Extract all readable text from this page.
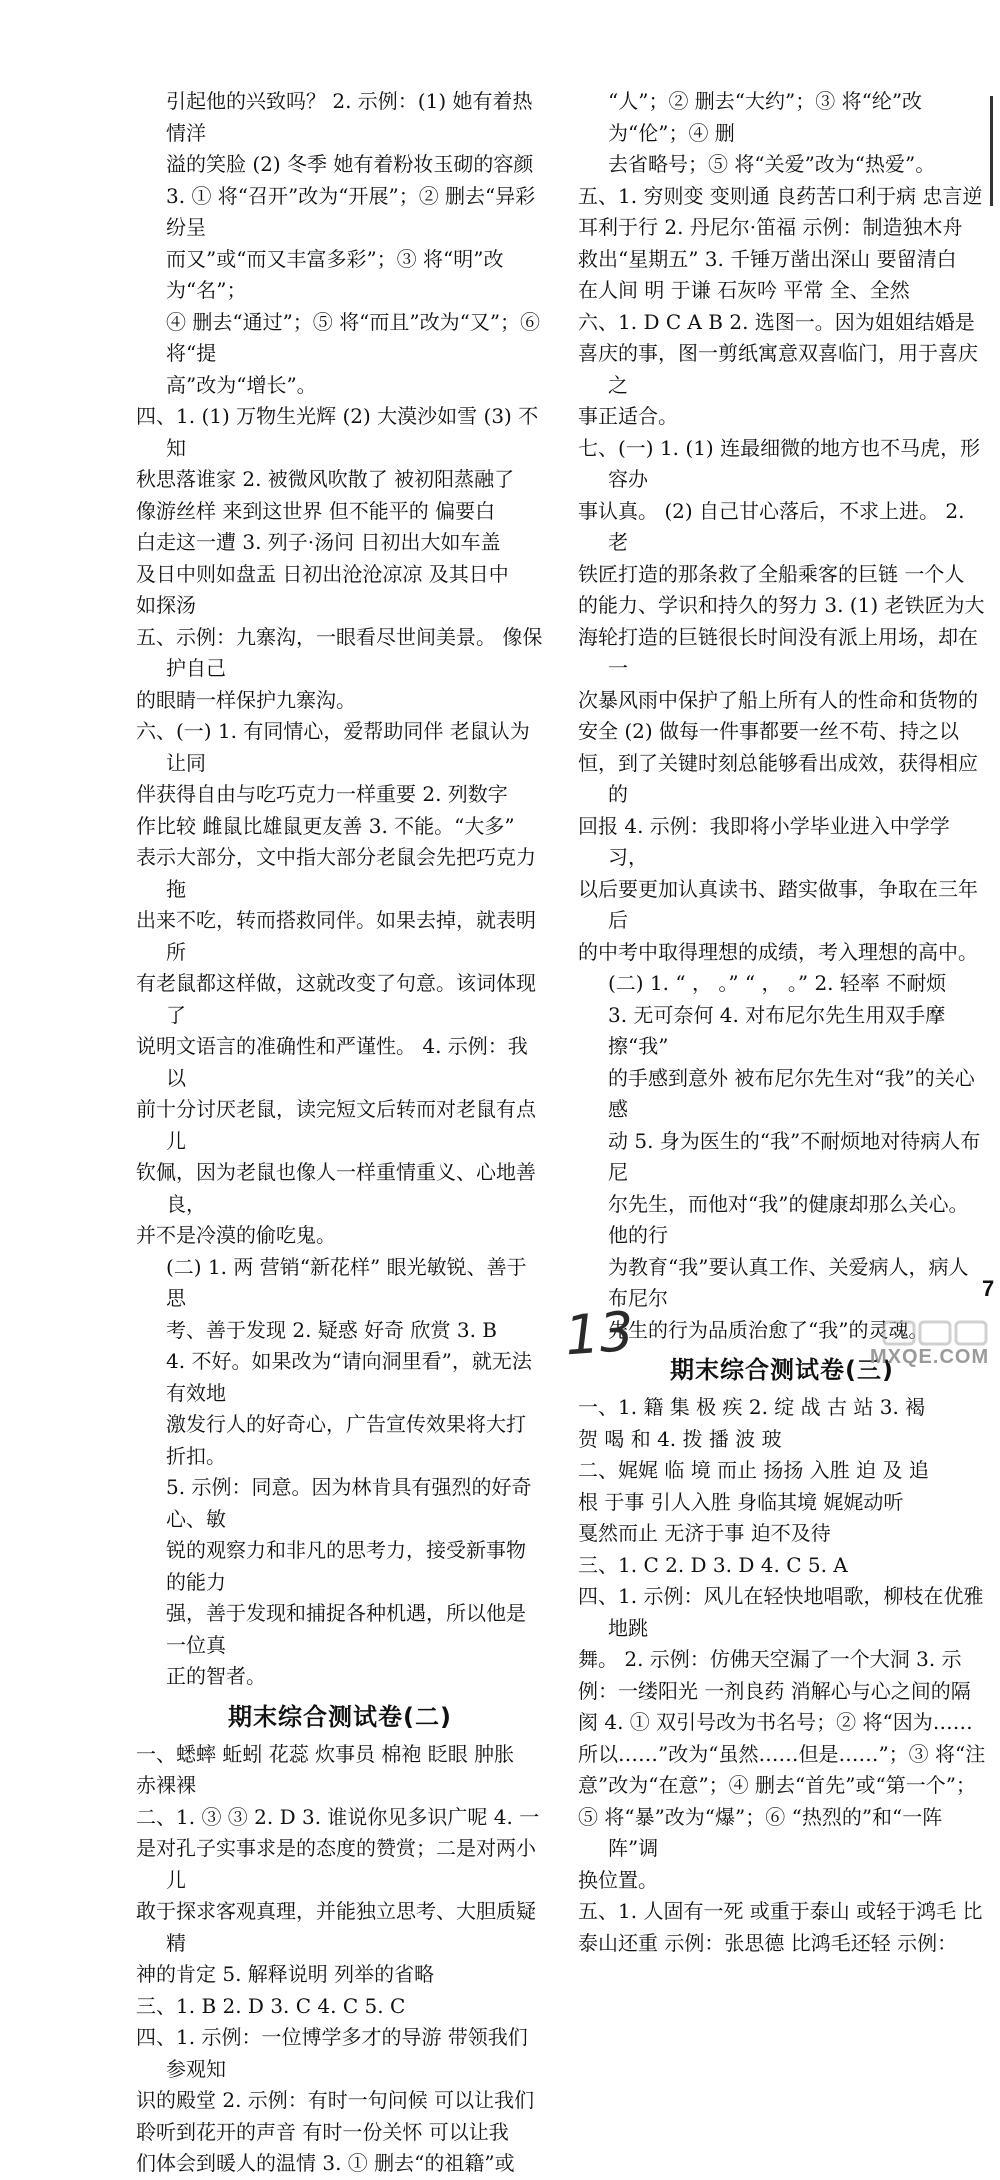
引起他的兴致吗？ 2. 示例：(1) 她有着热情洋
溢的笑脸 (2) 冬季 她有着粉妆玉砌的容颜
3. ① 将“召开”改为“开展”；② 删去“异彩纷呈
而又”或“而又丰富多彩”；③ 将“明”改为“名”；
④ 删去“通过”；⑤ 将“而且”改为“又”；⑥ 将“提
高”改为“增长”。
四、1. (1) 万物生光辉 (2) 大漠沙如雪 (3) 不知
秋思落谁家 2. 被微风吹散了 被初阳蒸融了
像游丝样 来到这世界 但不能平的 偏要白
白走这一遭 3. 列子·汤问 日初出大如车盖
及日中则如盘盂 日初出沧沧凉凉 及其日中
如探汤
五、示例：九寨沟，一眼看尽世间美景。 像保护自己
的眼睛一样保护九寨沟。
六、(一) 1. 有同情心，爱帮助同伴 老鼠认为让同
伴获得自由与吃巧克力一样重要 2. 列数字
作比较 雌鼠比雄鼠更友善 3. 不能。“大多”
表示大部分，文中指大部分老鼠会先把巧克力拖
出来不吃，转而搭救同伴。如果去掉，就表明所
有老鼠都这样做，这就改变了句意。该词体现了
说明文语言的准确性和严谨性。 4. 示例：我以
前十分讨厌老鼠，读完短文后转而对老鼠有点儿
钦佩，因为老鼠也像人一样重情重义、心地善良，
并不是冷漠的偷吃鬼。
(二) 1. 两 营销“新花样” 眼光敏锐、善于思
考、善于发现 2. 疑惑 好奇 欣赏 3. B
4. 不好。如果改为“请向洞里看”，就无法有效地
激发行人的好奇心，广告宣传效果将大打折扣。
5. 示例：同意。因为林肯具有强烈的好奇心、敏
锐的观察力和非凡的思考力，接受新事物的能力
强，善于发现和捕捉各种机遇，所以他是一位真
正的智者。
期末综合测试卷(二)
一、蟋蟀 蚯蚓 花蕊 炊事员 棉袍 眨眼 肿胀
赤裸裸
二、1. ③ ③ 2. D 3. 谁说你见多识广呢 4. 一
是对孔子实事求是的态度的赞赏；二是对两小儿
敢于探求客观真理，并能独立思考、大胆质疑精
神的肯定 5. 解释说明 列举的省略
三、1. B 2. D 3. C 4. C 5. C
四、1. 示例：一位博学多才的导游 带领我们参观知
识的殿堂 2. 示例：有时一句问候 可以让我们
聆听到花开的声音 有时一份关怀 可以让我
们体会到暖人的温情 3. ① 删去“的祖籍”或
“人”；② 删去“大约”；③ 将“纶”改为“伦”；④ 删
去省略号；⑤ 将“关爱”改为“热爱”。
五、1. 穷则变 变则通 良药苦口利于病 忠言逆
耳利于行 2. 丹尼尔·笛福 示例：制造独木舟
救出“星期五” 3. 千锤万凿出深山 要留清白
在人间 明 于谦 石灰吟 平常 全、全然
六、1. D C A B 2. 选图一。因为姐姐结婚是
喜庆的事，图一剪纸寓意双喜临门，用于喜庆之
事正适合。
七、(一) 1. (1) 连最细微的地方也不马虎，形容办
事认真。 (2) 自己甘心落后，不求上进。 2. 老
铁匠打造的那条救了全船乘客的巨链 一个人
的能力、学识和持久的努力 3. (1) 老铁匠为大
海轮打造的巨链很长时间没有派上用场，却在一
次暴风雨中保护了船上所有人的性命和货物的
安全 (2) 做每一件事都要一丝不苟、持之以
恒，到了关键时刻总能够看出成效，获得相应的
回报 4. 示例：我即将小学毕业进入中学学习，
以后要更加认真读书、踏实做事，争取在三年后
的中考中取得理想的成绩，考入理想的高中。
(二) 1. “ ， 。” “ ， 。” 2. 轻率 不耐烦
3. 无可奈何 4. 对布尼尔先生用双手摩擦“我”
的手感到意外 被布尼尔先生对“我”的关心感
动 5. 身为医生的“我”不耐烦地对待病人布尼
尔先生，而他对“我”的健康却那么关心。他的行
为教育“我”要认真工作、关爱病人，病人布尼尔
先生的行为品质治愈了“我”的灵魂。
期末综合测试卷(三)
一、1. 籍 集 极 疾 2. 绽 战 古 站 3. 褐
贺 喝 和 4. 拨 播 波 玻
二、娓娓 临 境 而止 扬扬 入胜 迫 及 追
根 于事 引人入胜 身临其境 娓娓动听
戛然而止 无济于事 迫不及待
三、1. C 2. D 3. D 4. C 5. A
四、1. 示例：风儿在轻快地唱歌，柳枝在优雅地跳
舞。 2. 示例：仿佛天空漏了一个大洞 3. 示
例：一缕阳光 一剂良药 消解心与心之间的隔
阂 4. ① 双引号改为书名号；② 将“因为……
所以……”改为“虽然……但是……”；③ 将“注
意”改为“在意”；④ 删去“首先”或“第一个”；
⑤ 将“暴”改为“爆”；⑥ “热烈的”和“一阵阵”调
换位置。
五、1. 人固有一死 或重于泰山 或轻于鸿毛 比
泰山还重 示例：张思德 比鸿毛还轻 示例：
7
13	MXQE.COM
